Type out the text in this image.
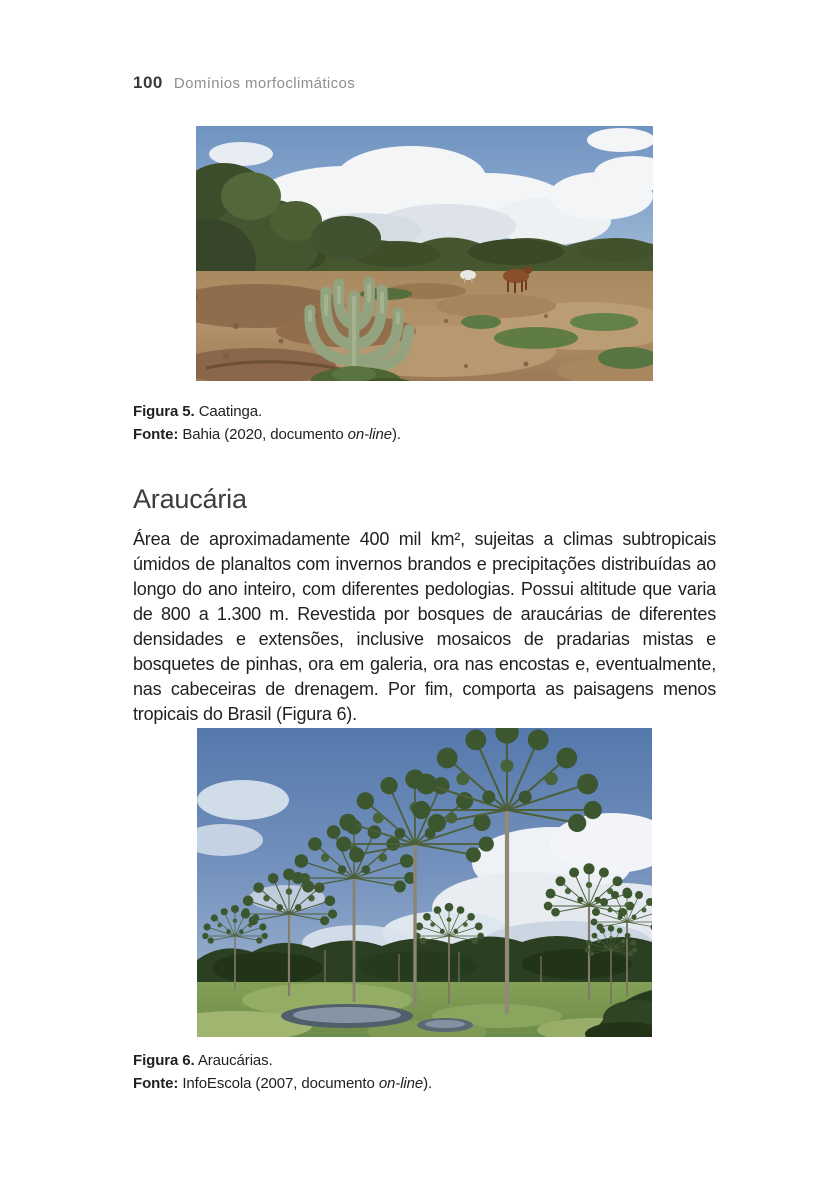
100 Domínios morfoclimáticos
Figura 5. Caatinga.
Fonte: Bahia (2020, documento on-line).
Araucária

Área de aproximadamente 400 mil km², sujeitas a climas subtropicais úmidos de planaltos com invernos brandos e precipitações distribuídas ao longo do ano inteiro, com diferentes pedologias. Possui altitude que varia de 800 a 1.300 m. Revestida por bosques de araucárias de diferentes densidades e extensões, inclusive mosaicos de pradarias mistas e bosquetes de pinhas, ora em galeria, ora nas encostas e, eventualmente, nas cabeceiras de drenagem. Por fim, comporta as paisagens menos tropicais do Brasil (Figura 6).

Figura 6. Araucárias.
Fonte: InfoEscola (2007, documento on-line).
